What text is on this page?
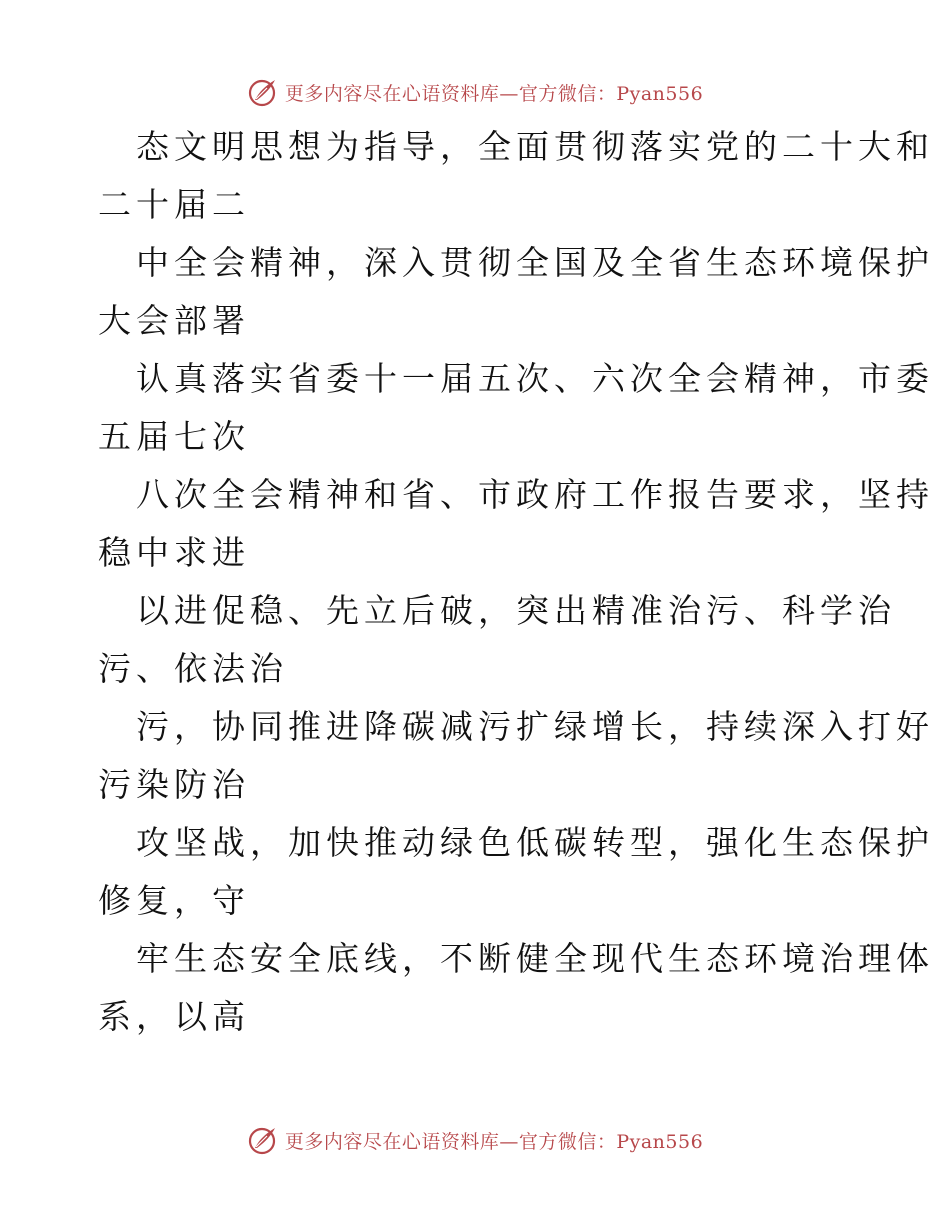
更多内容尽在心语资料库—官方微信：Pyan556
态文明思想为指导，全面贯彻落实党的二十大和
二十届二
中全会精神，深入贯彻全国及全省生态环境保护
大会部署
认真落实省委十一届五次、六次全会精神，市委
五届七次
八次全会精神和省、市政府工作报告要求，坚持
稳中求进
以进促稳、先立后破，突出精准治污、科学治
污、依法治
污，协同推进降碳减污扩绿增长，持续深入打好
污染防治
攻坚战，加快推动绿色低碳转型，强化生态保护
修复，守
牢生态安全底线，不断健全现代生态环境治理体
系，以高
更多内容尽在心语资料库—官方微信：Pyan556
